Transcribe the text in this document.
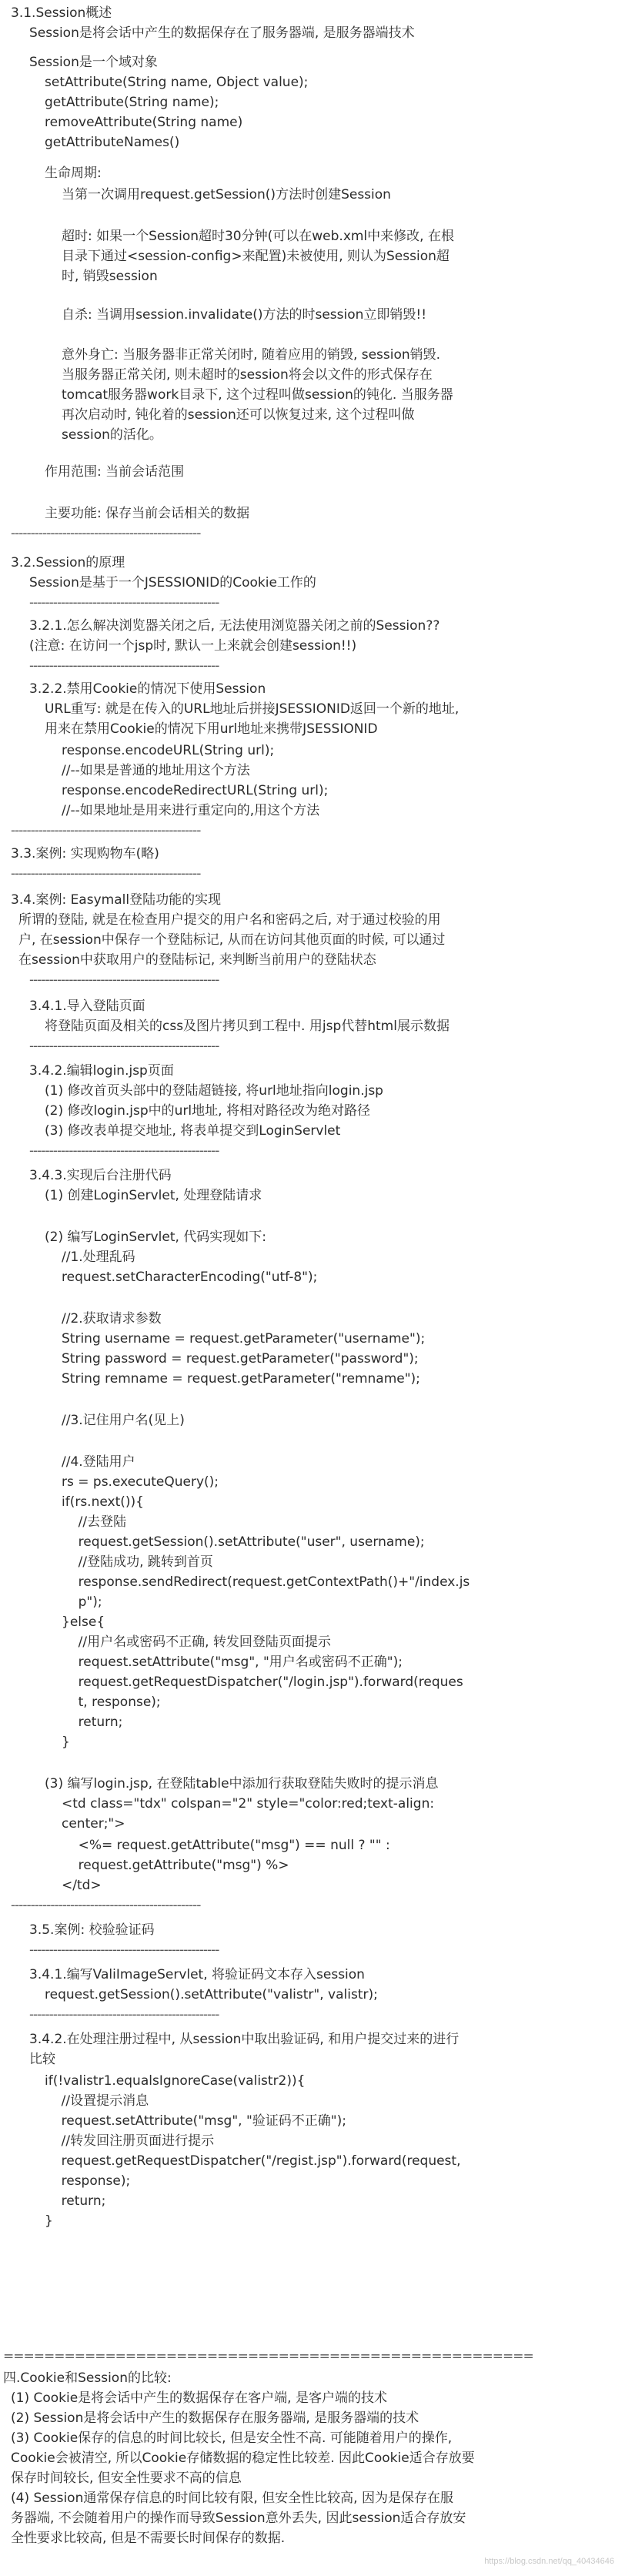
3.1.Session概述
Session是将会话中产生的数据保存在了服务器端, 是服务器端技术
Session是一个域对象
setAttribute(String name, Object value);
getAttribute(String name);
removeAttribute(String name)
getAttributeNames()
生命周期:
当第一次调用request.getSession()方法时创建Session
超时: 如果一个Session超时30分钟(可以在web.xml中来修改, 在根
目录下通过<session-config>来配置)未被使用, 则认为Session超
时, 销毁session
自杀: 当调用session.invalidate()方法的时session立即销毁!!
意外身亡: 当服务器非正常关闭时, 随着应用的销毁, session销毁.
当服务器正常关闭, 则未超时的session将会以文件的形式保存在
tomcat服务器work目录下, 这个过程叫做session的钝化. 当服务器
再次启动时, 钝化着的session还可以恢复过来, 这个过程叫做
session的活化。
作用范围: 当前会话范围
主要功能: 保存当前会话相关的数据
------------------------------------------------
3.2.Session的原理
Session是基于一个JSESSIONID的Cookie工作的
------------------------------------------------
3.2.1.怎么解决浏览器关闭之后, 无法使用浏览器关闭之前的Session??
(注意: 在访问一个jsp时, 默认一上来就会创建session!!)
------------------------------------------------
3.2.2.禁用Cookie的情况下使用Session
URL重写: 就是在传入的URL地址后拼接JSESSIONID返回一个新的地址,
用来在禁用Cookie的情况下用url地址来携带JSESSIONID
response.encodeURL(String url);
//--如果是普通的地址用这个方法
response.encodeRedirectURL(String url);
//--如果地址是用来进行重定向的,用这个方法
------------------------------------------------
3.3.案例: 实现购物车(略)
------------------------------------------------
3.4.案例: Easymall登陆功能的实现
所谓的登陆, 就是在检查用户提交的用户名和密码之后, 对于通过校验的用
户, 在session中保存一个登陆标记, 从而在访问其他页面的时候, 可以通过
在session中获取用户的登陆标记, 来判断当前用户的登陆状态
------------------------------------------------
3.4.1.导入登陆页面
将登陆页面及相关的css及图片拷贝到工程中. 用jsp代替html展示数据
------------------------------------------------
3.4.2.编辑login.jsp页面
(1) 修改首页头部中的登陆超链接, 将url地址指向login.jsp
(2) 修改login.jsp中的url地址, 将相对路径改为绝对路径
(3) 修改表单提交地址, 将表单提交到LoginServlet
------------------------------------------------
3.4.3.实现后台注册代码
(1) 创建LoginServlet, 处理登陆请求
(2) 编写LoginServlet, 代码实现如下:
//1.处理乱码
request.setCharacterEncoding("utf-8");
//2.获取请求参数
String username = request.getParameter("username");
String password = request.getParameter("password");
String remname = request.getParameter("remname");
//3.记住用户名(见上)
//4.登陆用户
rs = ps.executeQuery();
if(rs.next()){
//去登陆
request.getSession().setAttribute("user", username);
//登陆成功, 跳转到首页
response.sendRedirect(request.getContextPath()+"/index.js
p");
}else{
//用户名或密码不正确, 转发回登陆页面提示
request.setAttribute("msg", "用户名或密码不正确");
request.getRequestDispatcher("/login.jsp").forward(reques
t, response);
return;
}
(3) 编写login.jsp, 在登陆table中添加行获取登陆失败时的提示消息
<td class="tdx" colspan="2" style="color:red;text-align:
center;">
<%= request.getAttribute("msg") == null ? "" :
request.getAttribute("msg") %>
</td>
------------------------------------------------
3.5.案例: 校验验证码
------------------------------------------------
3.4.1.编写ValiImageServlet, 将验证码文本存入session
request.getSession().setAttribute("valistr", valistr);
------------------------------------------------
3.4.2.在处理注册过程中, 从session中取出验证码, 和用户提交过来的进行
比较
if(!valistr1.equalsIgnoreCase(valistr2)){
//设置提示消息
request.setAttribute("msg", "验证码不正确");
//转发回注册页面进行提示
request.getRequestDispatcher("/regist.jsp").forward(request,
response);
return;
}
====================================================
四.Cookie和Session的比较:
(1) Cookie是将会话中产生的数据保存在客户端, 是客户端的技术
(2) Session是将会话中产生的数据保存在服务器端, 是服务器端的技术
(3) Cookie保存的信息的时间比较长, 但是安全性不高. 可能随着用户的操作,
Cookie会被清空, 所以Cookie存储数据的稳定性比较差. 因此Cookie适合存放要
保存时间较长, 但安全性要求不高的信息
(4) Session通常保存信息的时间比较有限, 但安全性比较高, 因为是保存在服
务器端, 不会随着用户的操作而导致Session意外丢失, 因此session适合存放安
全性要求比较高, 但是不需要长时间保存的数据.
https://blog.csdn.net/qq_40434646
